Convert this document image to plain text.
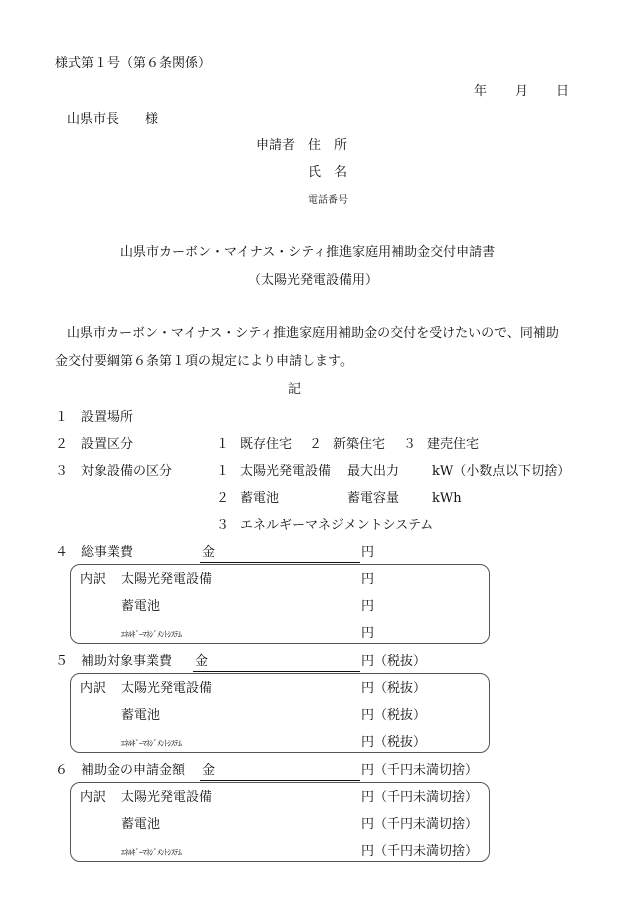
様式第１号（第６条関係）
年 月 日
山県市長　　様
申請者 住　所
氏　名
電話番号
山県市カーボン・マイナス・シティ推進家庭用補助金交付申請書
（太陽光発電設備用）
山県市カーボン・マイナス・シティ推進家庭用補助金の交付を受けたいので、同補助
金交付要綱第６条第１項の規定により申請します。
記
１ 設置場所
２ 設置区分	１ 既存住宅 ２ 新築住宅 ３ 建売住宅
３ 対象設備の区分	１ 太陽光発電設備 最大出力	kW（小数点以下切捨）
２ 蓄電池	蓄電容量	kWh
３ エネルギーマネジメントシステム
４ 総事業費	金	円
内訳 太陽光発電設備	円
蓄電池	円
ｴﾈﾙｷﾞｰﾏﾈｼﾞﾒﾝﾄｼｽﾃﾑ	円
５ 補助対象事業費 金	円（税抜）
内訳 太陽光発電設備	円（税抜）
蓄電池	円（税抜）
ｴﾈﾙｷﾞｰﾏﾈｼﾞﾒﾝﾄｼｽﾃﾑ	円（税抜）
６ 補助金の申請金額 金	円（千円未満切捨）
内訳 太陽光発電設備	円（千円未満切捨）
蓄電池	円（千円未満切捨）
ｴﾈﾙｷﾞｰﾏﾈｼﾞﾒﾝﾄｼｽﾃﾑ	円（千円未満切捨）
